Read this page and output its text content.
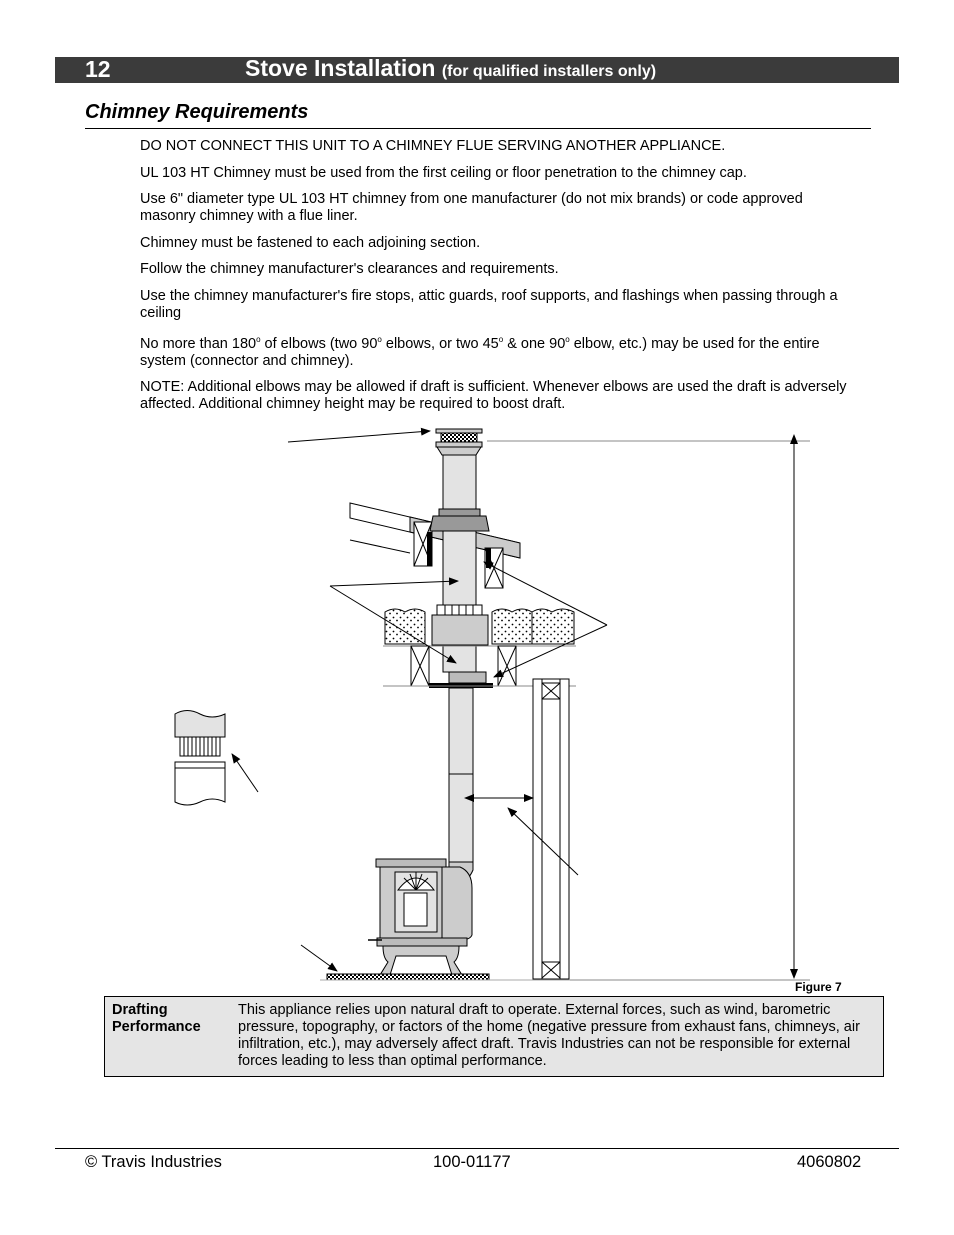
12	Stove Installation (for qualified installers only)
Chimney Requirements

DO NOT CONNECT THIS UNIT TO A CHIMNEY FLUE SERVING ANOTHER APPLIANCE.

UL 103 HT Chimney must be used from the first ceiling or floor penetration to the chimney cap.

Use 6" diameter type UL 103 HT chimney from one manufacturer (do not mix brands) or code approved masonry chimney with a flue liner.

Chimney must be fastened to each adjoining section.

Follow the chimney manufacturer's clearances and requirements.

Use the chimney manufacturer's fire stops, attic guards, roof supports, and flashings when passing through a ceiling

No more than 180$^o$ of elbows (two 90$^o$ elbows, or two 45$^o$ & one 90$^o$ elbow, etc.) may be used for the entire system (connector and chimney).

NOTE: Additional elbows may be allowed if draft is sufficient. Whenever elbows are used the draft is adversely affected. Additional chimney height may be required to boost draft.

Figure 7
Drafting Performance
This appliance relies upon natural draft to operate. External forces, such as wind, barometric pressure, topography, or factors of the home (negative pressure from exhaust fans, chimneys, air infiltration, etc.), may adversely affect draft. Travis Industries can not be responsible for external forces leading to less than optimal performance.
© Travis Industries	100-01177	4060802
